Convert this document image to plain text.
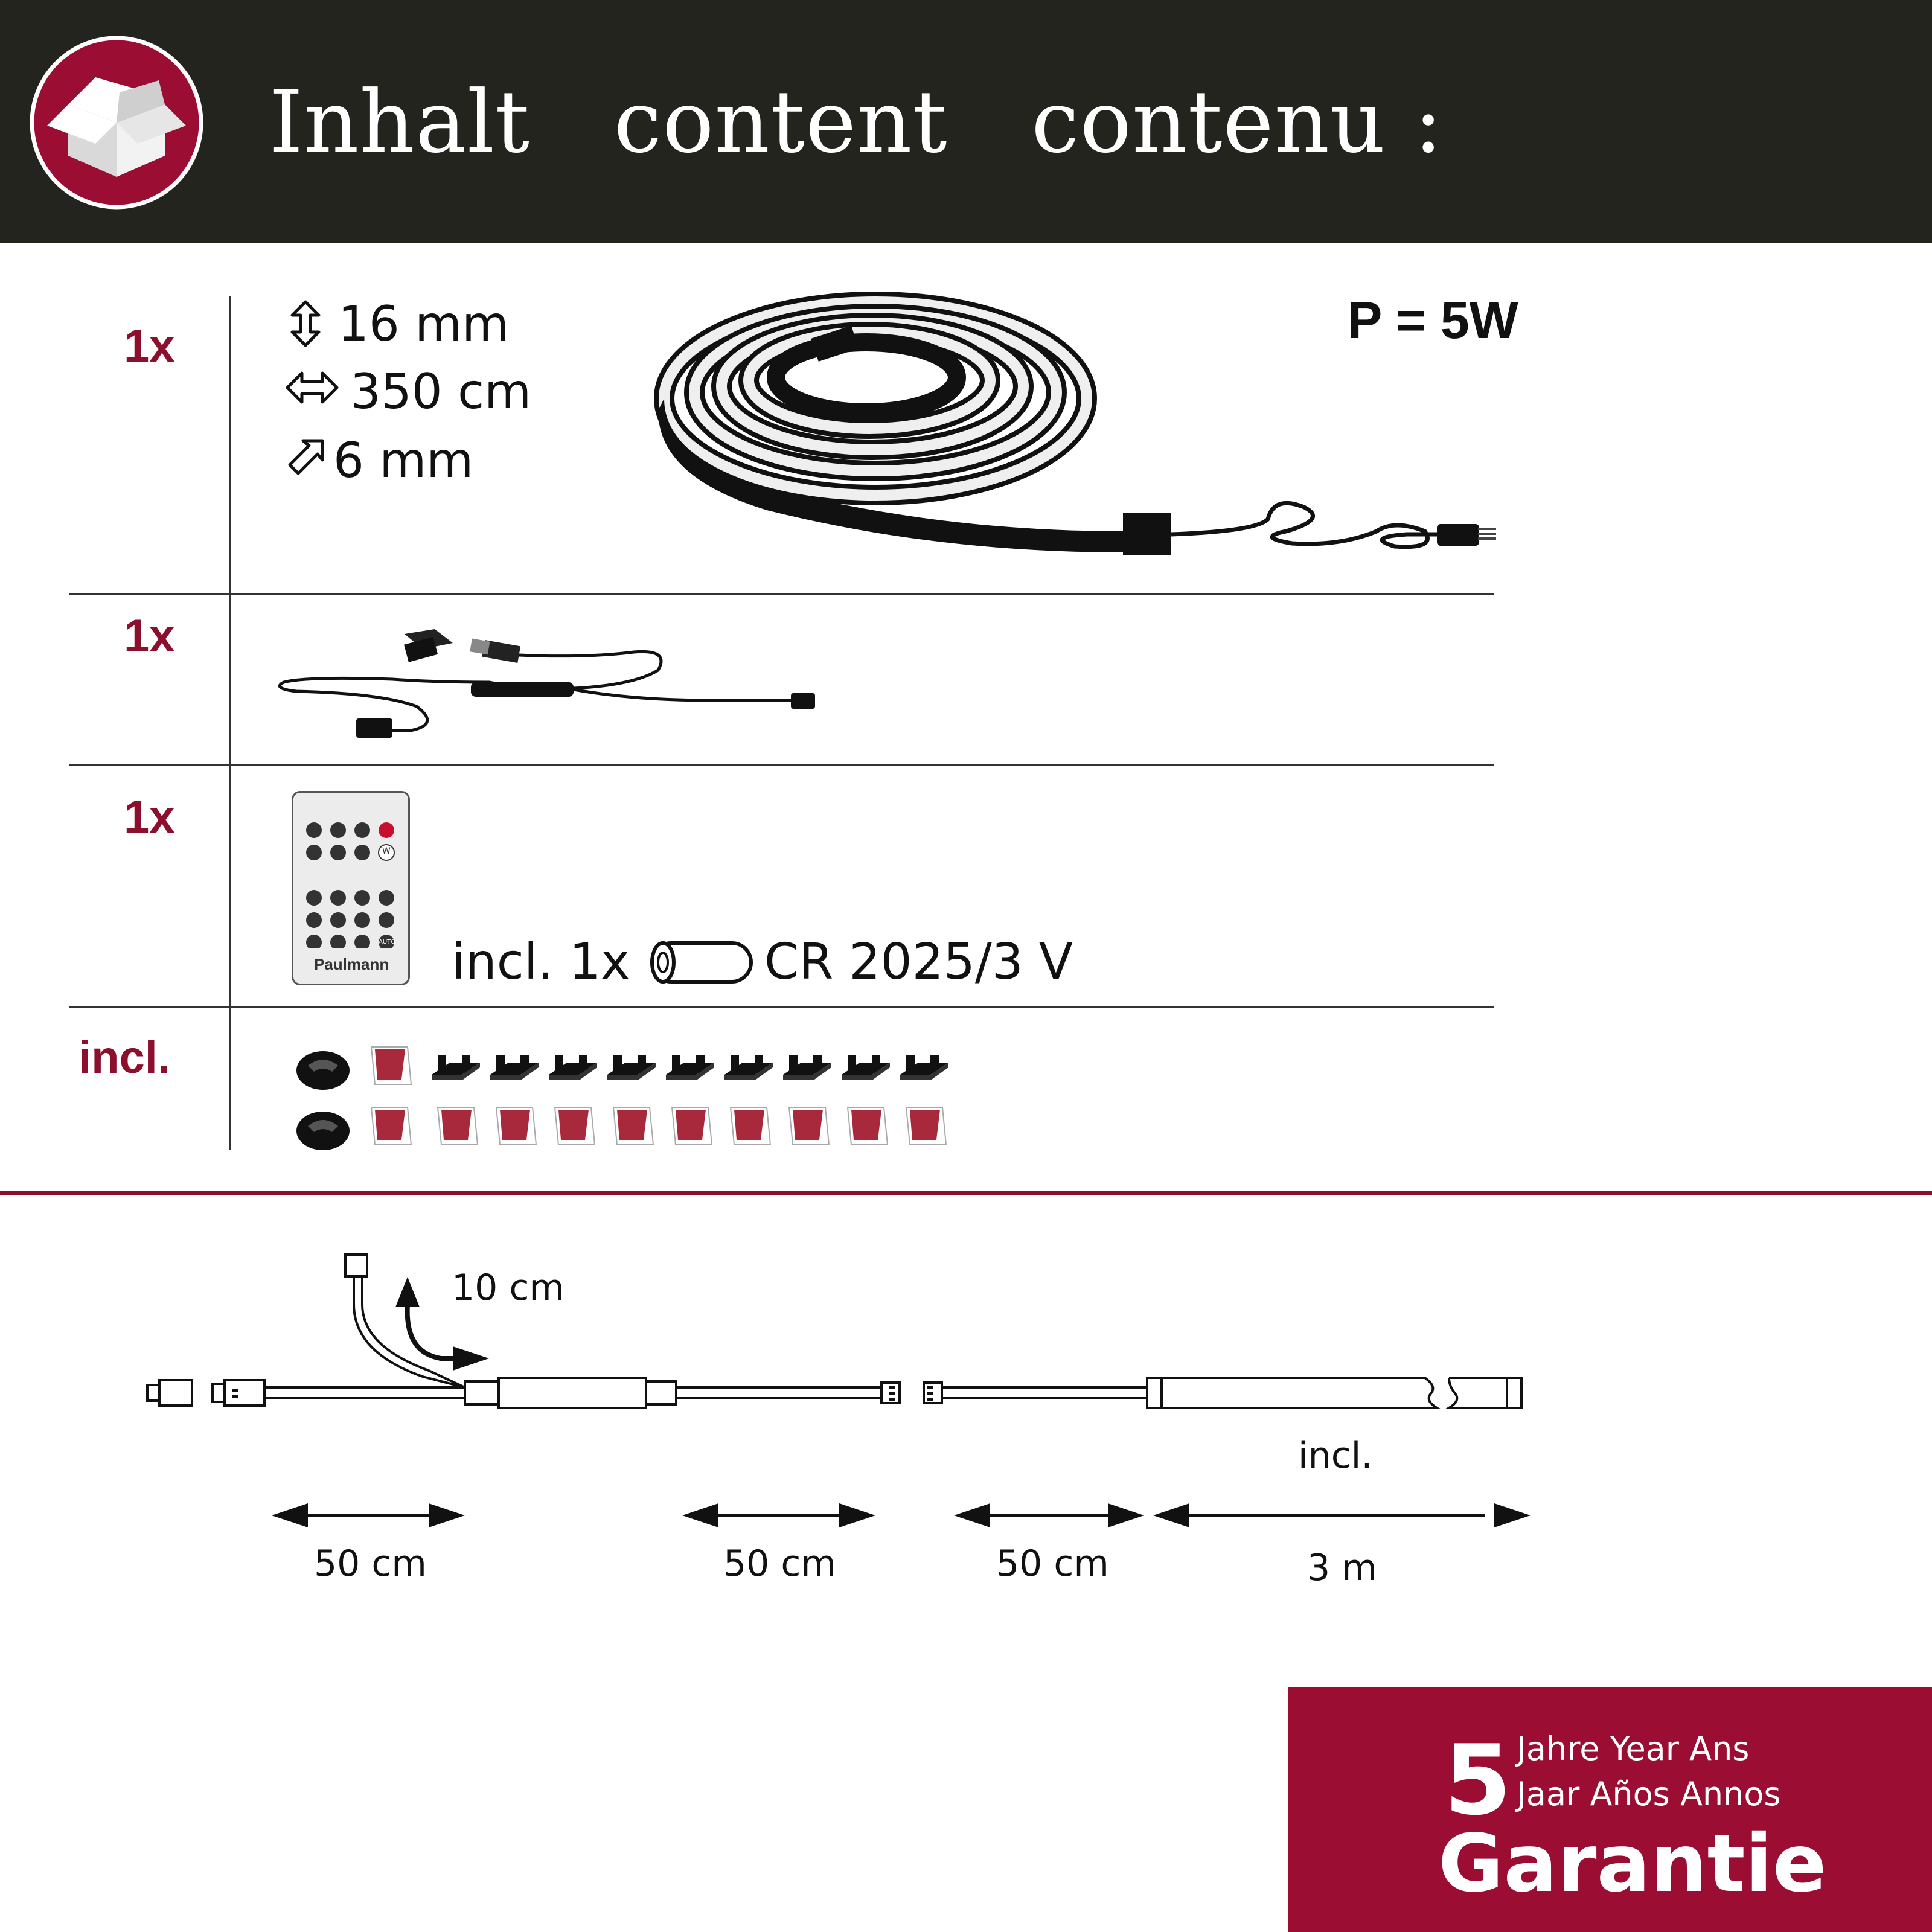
Inhalt   content   contenu :
1x	16 mm
350 cm
6 mm
P = 5W
1x
1x
W
AUTO
Paulmann incl. 1x	CR 2025/3 V
incl.
10 cm
incl.
50 cm	50 cm	50 cm	3 m
5 Jahre Year Ans
Jaar Años Annos
Garantie
